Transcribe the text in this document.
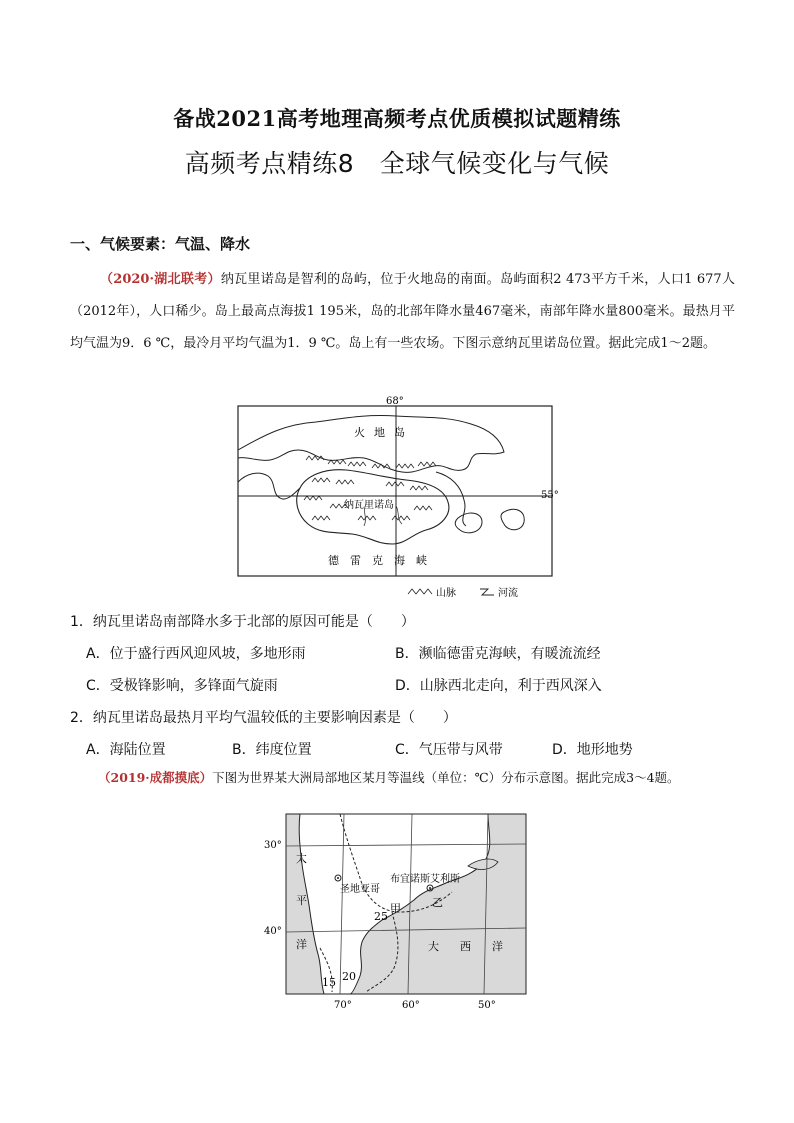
备战2021高考地理高频考点优质模拟试题精练
高频考点精练8　全球气候变化与气候
一、气候要素：气温、降水
（2020·湖北联考）纳瓦里诺岛是智利的岛屿，位于火地岛的南面。岛屿面积2 473平方千米，人口1 677人（2012年），人口稀少。岛上最高点海拔1 195米，岛的北部年降水量467毫米，南部年降水量800毫米。最热月平均气温为9．6 ℃，最冷月平均气温为1．9 ℃。岛上有一些农场。下图示意纳瓦里诺岛位置。据此完成1～2题。
68°
55°
火 地 岛
纳瓦里诺岛
德 雷 克 海 峡
山脉	河流
1．纳瓦里诺岛南部降水多于北部的原因可能是（　　）
A．位于盛行西风迎风坡，多地形雨	B．濒临德雷克海峡，有暖流流经
C．受极锋影响，多锋面气旋雨	D．山脉西北走向，利于西风深入
2．纳瓦里诺岛最热月平均气温较低的主要影响因素是（　　）
A．海陆位置	B．纬度位置	C．气压带与风带	D．地形地势
（2019·成都摸底）下图为世界某大洲局部地区某月等温线（单位：℃）分布示意图。据此完成3～4题。
30°
40°
70°	60°	50°
太
平
洋	大 西 洋
圣地亚哥
布宜诺斯艾利斯
甲	乙
25
20
15
